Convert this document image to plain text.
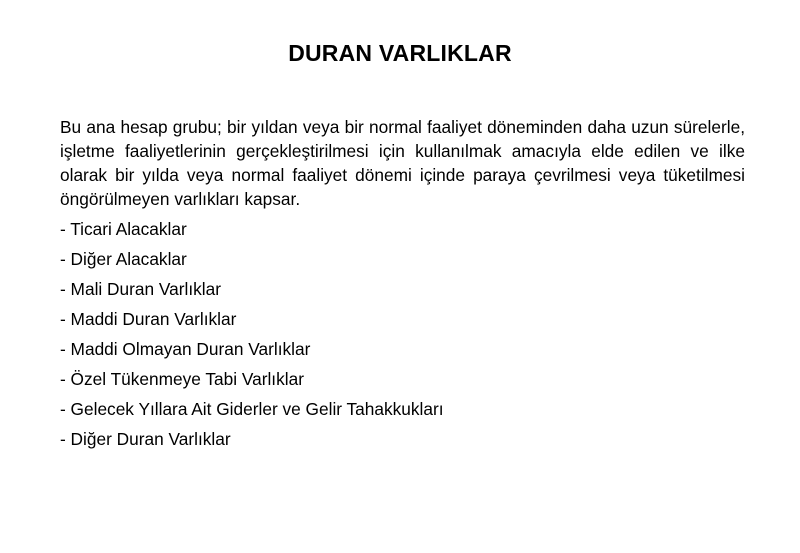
DURAN VARLIKLAR

Bu ana hesap grubu; bir yıldan veya bir normal faaliyet döneminden daha uzun sürelerle, işletme faaliyetlerinin gerçekleştirilmesi için kullanılmak amacıyla elde edilen ve ilke olarak bir yılda veya normal faaliyet dönemi içinde paraya çevrilmesi veya tüketilmesi öngörülmeyen varlıkları kapsar.

- Ticari Alacaklar
- Diğer Alacaklar
- Mali Duran Varlıklar
- Maddi Duran Varlıklar
- Maddi Olmayan Duran Varlıklar
- Özel Tükenmeye Tabi Varlıklar
- Gelecek Yıllara Ait Giderler ve Gelir Tahakkukları
- Diğer Duran Varlıklar
